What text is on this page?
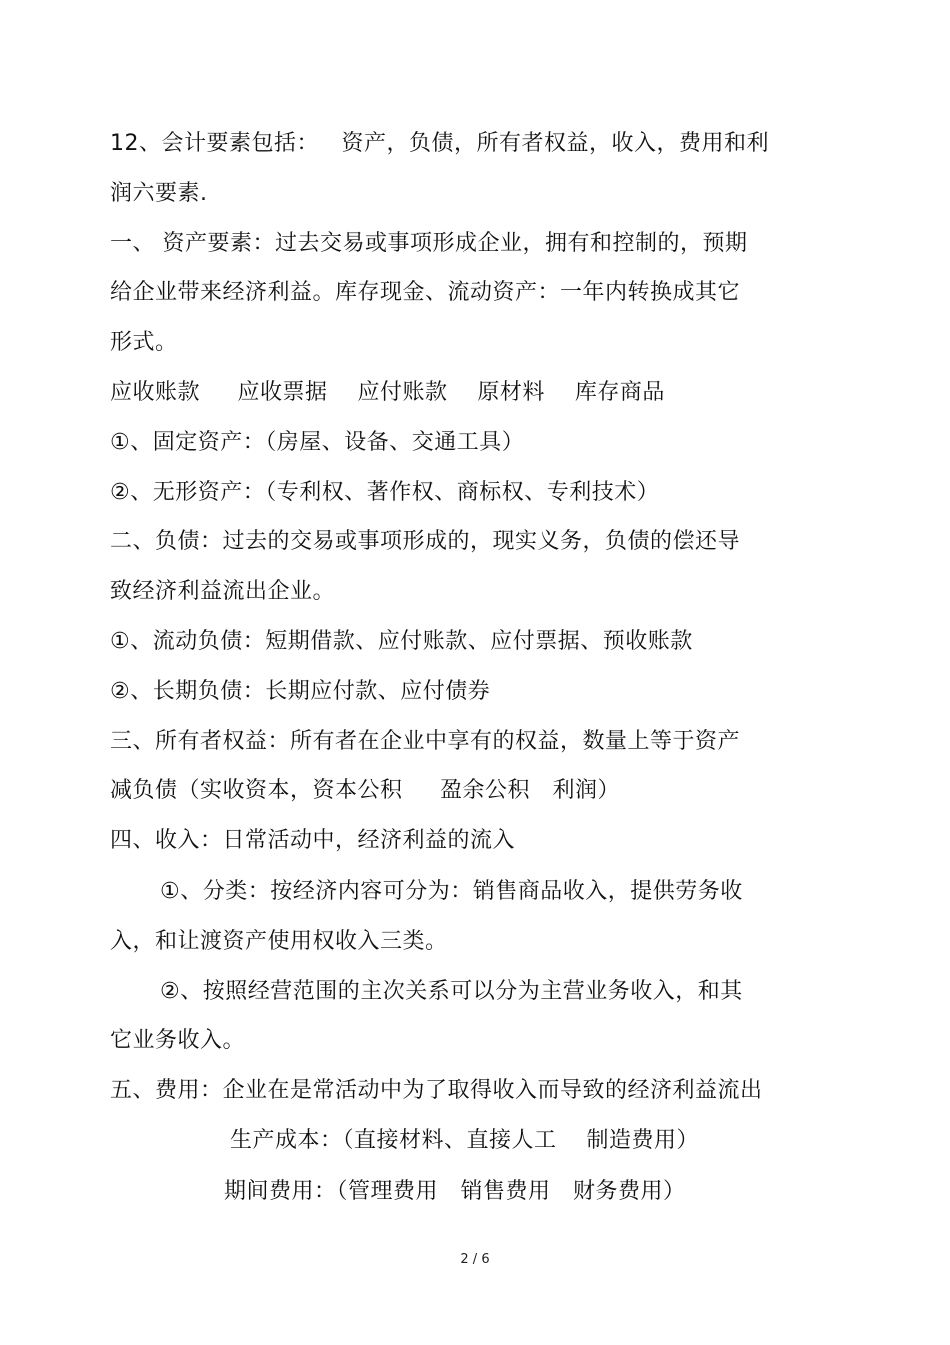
12、会计要素包括：   资产，负债，所有者权益，收入，费用和利
润六要素.
一、 资产要素：过去交易或事项形成企业，拥有和控制的，预期
给企业带来经济利益。库存现金、流动资产：一年内转换成其它
形式。
应收账款     应收票据    应付账款    原材料    库存商品
①、固定资产：（房屋、设备、交通工具）
②、无形资产：（专利权、著作权、商标权、专利技术）
二、负债：过去的交易或事项形成的，现实义务，负债的偿还导
致经济利益流出企业。
①、流动负债：短期借款、应付账款、应付票据、预收账款
②、长期负债：长期应付款、应付债券
三、所有者权益：所有者在企业中享有的权益，数量上等于资产
减负债（实收资本，资本公积     盈余公积   利润）
四、收入：日常活动中，经济利益的流入
①、分类：按经济内容可分为：销售商品收入，提供劳务收
入，和让渡资产使用权收入三类。
②、按照经营范围的主次关系可以分为主营业务收入，和其
它业务收入。
五、费用：企业在是常活动中为了取得收入而导致的经济利益流出
生产成本：（直接材料、直接人工    制造费用）
期间费用：（管理费用   销售费用   财务费用）
2 / 6
